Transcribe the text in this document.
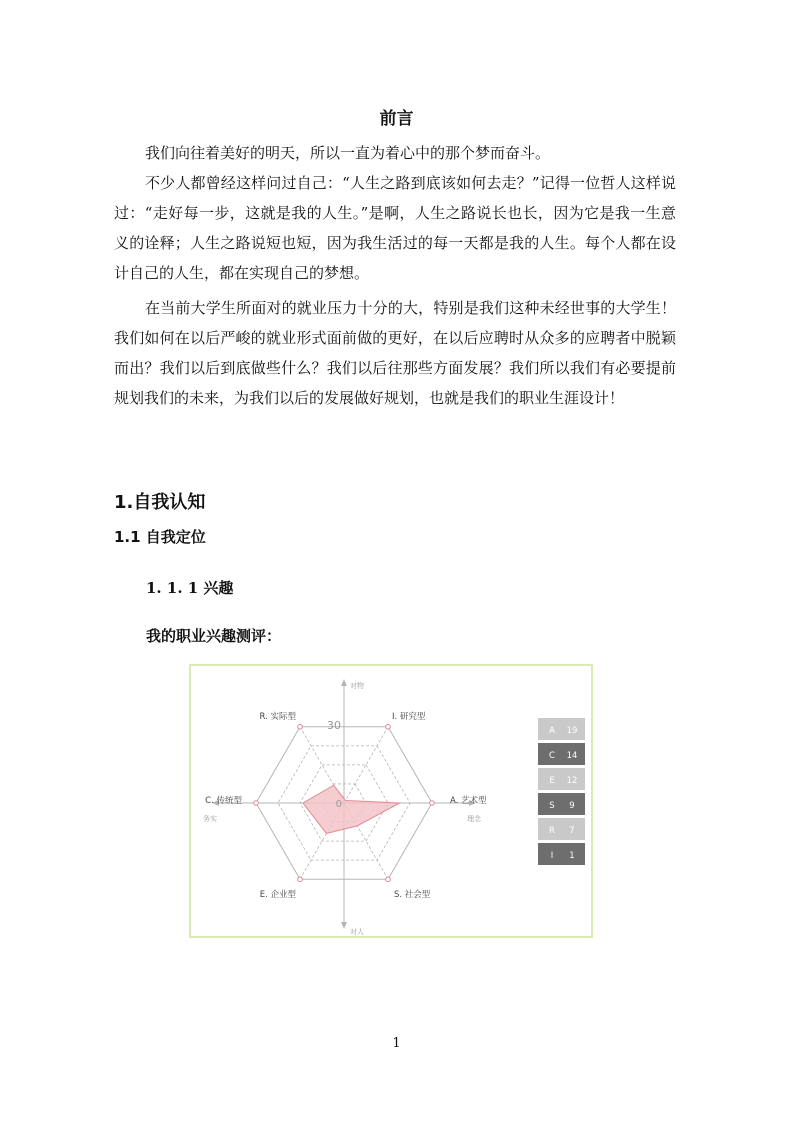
前言

我们向往着美好的明天，所以一直为着心中的那个梦而奋斗。

不少人都曾经这样问过自己：“人生之路到底该如何去走？”记得一位哲人这样说过：“走好每一步，这就是我的人生。”是啊，人生之路说长也长，因为它是我一生意义的诠释；人生之路说短也短，因为我生活过的每一天都是我的人生。每个人都在设计自己的人生，都在实现自己的梦想。

在当前大学生所面对的就业压力十分的大，特别是我们这种未经世事的大学生！我们如何在以后严峻的就业形式面前做的更好，在以后应聘时从众多的应聘者中脱颖而出？我们以后到底做些什么？我们以后往那些方面发展？我们所以我们有必要提前规划我们的未来，为我们以后的发展做好规划，也就是我们的职业生涯设计！

1.自我认知
1.1 自我定位
1. 1. 1 兴趣
我的职业兴趣测评：
I. 研究型
A. 艺术型
S. 社会型
E. 企业型
C. 传统型
R. 实际型
30
0
对物
对人
务实	理念
A 19
C 14
E 12
S 9
R 7
I 1
1
